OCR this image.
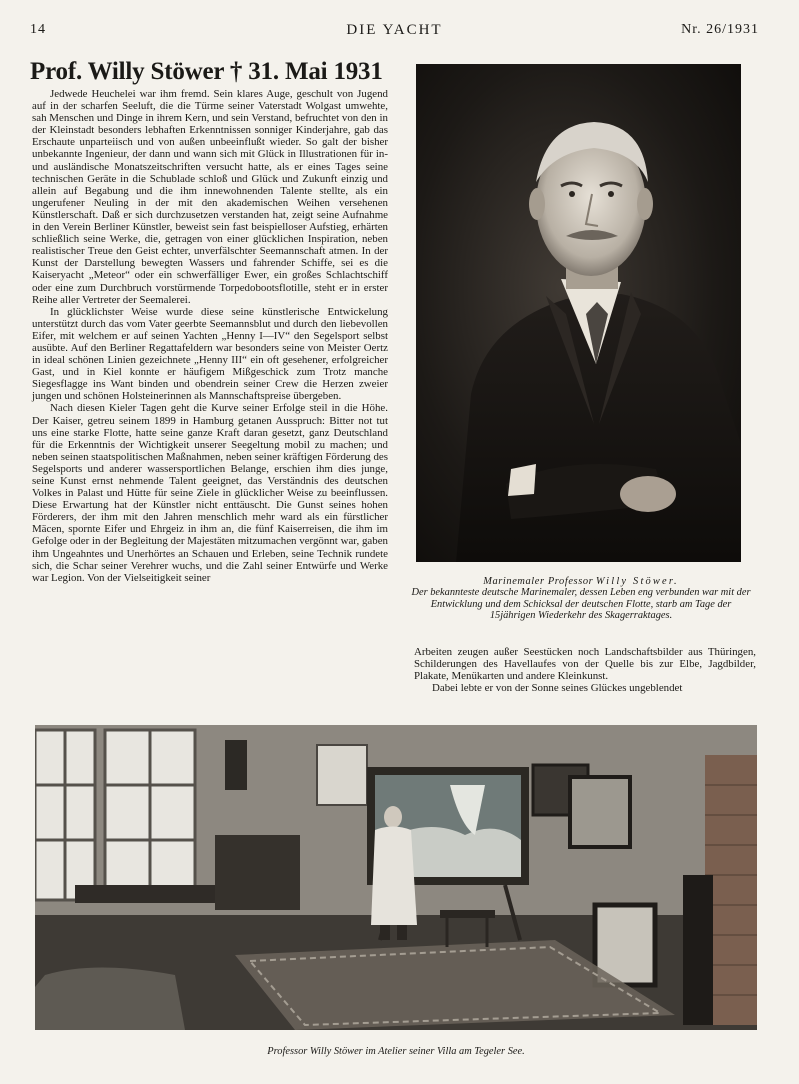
14	DIE YACHT	Nr. 26/1931
Prof. Willy Stöwer † 31. Mai 1931

Jedwede Heuchelei war ihm fremd. Sein klares Auge, geschult von Jugend auf in der scharfen Seeluft, die die Türme seiner Vaterstadt Wolgast umwehte, sah Menschen und Dinge in ihrem Kern, und sein Verstand, befruchtet von den in der Kleinstadt besonders lebhaften Erkenntnissen sonniger Kinderjahre, gab das Erschaute unparteiisch und von außen unbeeinflußt wieder. So galt der bisher unbekannte Ingenieur, der dann und wann sich mit Glück in Illustrationen für in- und ausländische Monatszeitschriften versucht hatte, als er eines Tages seine technischen Geräte in die Schublade schloß und Glück und Zukunft einzig und allein auf Begabung und die ihm innewohnenden Talente stellte, als ein ungerufener Neuling in der mit den akademischen Weihen versehenen Künstlerschaft. Daß er sich durchzusetzen verstanden hat, zeigt seine Aufnahme in den Verein Berliner Künstler, beweist sein fast beispielloser Aufstieg, erhärten schließlich seine Werke, die, getragen von einer glücklichen Inspiration, neben realistischer Treue den Geist echter, unverfälschter Seemannschaft atmen. In der Kunst der Darstellung bewegten Wassers und fahrender Schiffe, sei es die Kaiseryacht „Meteor“ oder ein schwerfälliger Ewer, ein großes Schlachtschiff oder eine zum Durchbruch vorstürmende Torpedobootsflotille, steht er in erster Reihe aller Vertreter der Seemalerei.

In glücklichster Weise wurde diese seine künstlerische Entwickelung unterstützt durch das vom Vater geerbte Seemannsblut und durch den liebevollen Eifer, mit welchem er auf seinen Yachten „Henny I—IV“ den Segelsport selbst ausübte. Auf den Berliner Regattafeldern war besonders seine von Meister Oertz in ideal schönen Linien gezeichnete „Henny III“ ein oft gesehener, erfolgreicher Gast, und in Kiel konnte er häufigem Mißgeschick zum Trotz manche Siegesflagge ins Want binden und obendrein seiner Crew die Herzen zweier jungen und schönen Holsteinerinnen als Mannschaftspreise übergeben.

Nach diesen Kieler Tagen geht die Kurve seiner Erfolge steil in die Höhe. Der Kaiser, getreu seinem 1899 in Hamburg getanen Ausspruch: Bitter not tut uns eine starke Flotte, hatte seine ganze Kraft daran gesetzt, ganz Deutschland für die Erkenntnis der Wichtigkeit unserer Seegeltung mobil zu machen; und neben seinen staatspolitischen Maßnahmen, neben seiner kräftigen Förderung des Segelsports und anderer wassersportlichen Belange, erschien ihm dies junge, seine Kunst ernst nehmende Talent geeignet, das Verständnis des deutschen Volkes in Palast und Hütte für seine Ziele in glücklicher Weise zu beeinflussen. Diese Erwartung hat der Künstler nicht enttäuscht. Die Gunst seines hohen Förderers, der ihm mit den Jahren menschlich mehr ward als ein fürstlicher Mäcen, spornte Eifer und Ehrgeiz in ihm an, die fünf Kaiserreisen, die ihm im Gefolge oder in der Begleitung der Majestäten mitzumachen vergönnt war, gaben ihm Ungeahntes und Unerhörtes an Schauen und Erleben, seine Technik rundete sich, die Schar seiner Verehrer wuchs, und die Zahl seiner Entwürfe und Werke war Legion. Von der Vielseitigkeit seiner	Marinemaler Professor Willy Stöwer.
Der bekannteste deutsche Marinemaler, dessen Leben eng verbunden war mit der Entwicklung und dem Schicksal der deutschen Flotte, starb am Tage der 15jährigen Wiederkehr des Skagerraktages.

Arbeiten zeugen außer Seestücken noch Landschaftsbilder aus Thüringen, Schilderungen des Havellaufes von der Quelle bis zur Elbe, Jagdbilder, Plakate, Menükarten und andere Kleinkunst.

Dabei lebte er von der Sonne seines Glückes ungeblendet

Professor Willy Stöwer im Atelier seiner Villa am Tegeler See.
